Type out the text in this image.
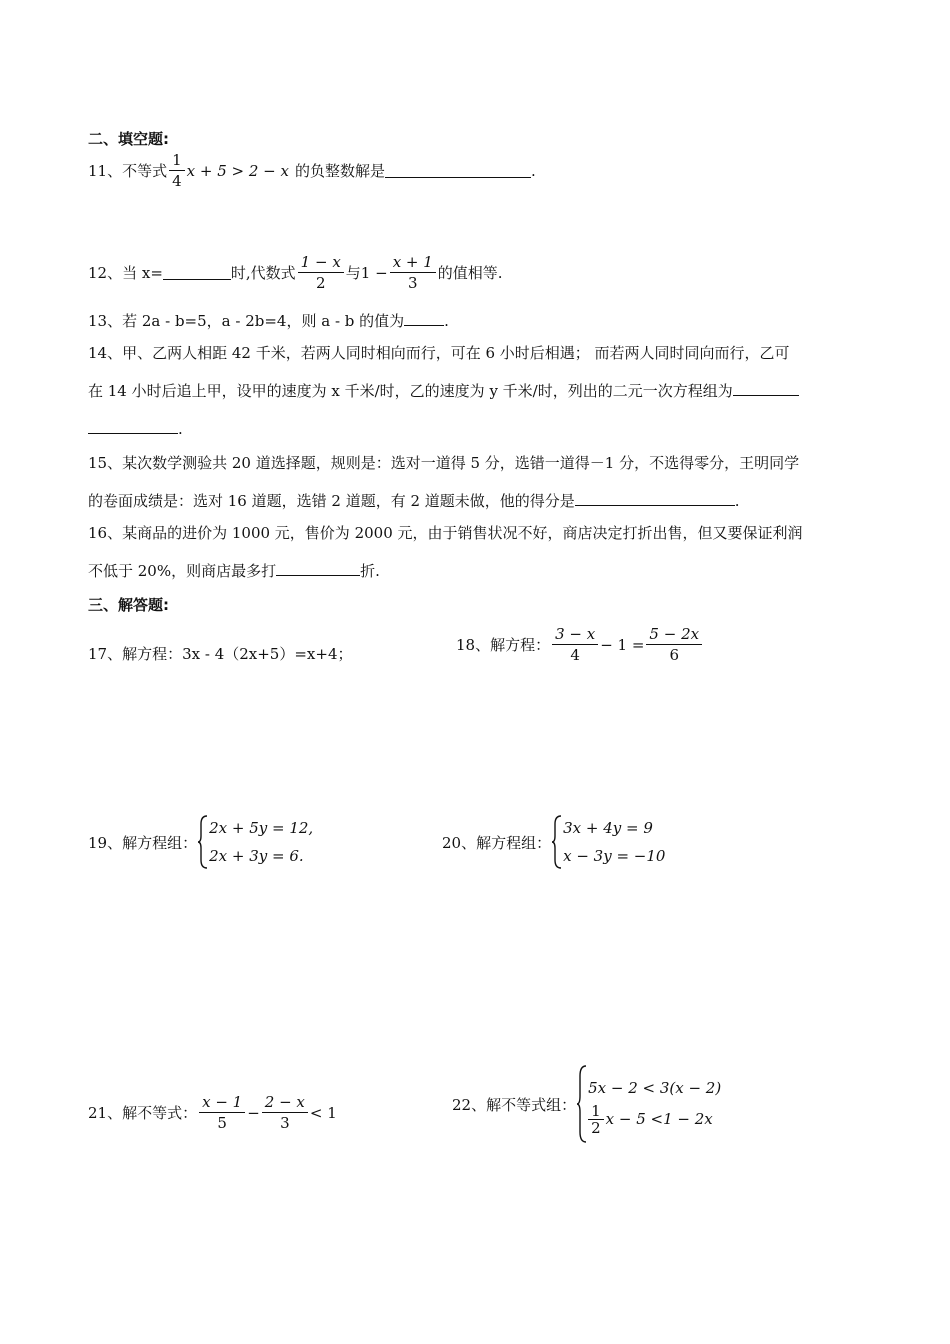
二、填空题:
11、不等式 $\frac{1}{4}$ x + 5 > 2 − x 的负整数解是	.
12、当 x=	时,代数式 $\frac{1 - x}{2}$ 与 $1 - \frac{x + 1}{3}$ 的值相等.
13、若 2a - b=5，a - 2b=4，则 a - b 的值为	.
14、甲、乙两人相距 42 千米，若两人同时相向而行，可在 6 小时后相遇； 而若两人同时同向而行，乙可
在 14 小时后追上甲，设甲的速度为 x 千米/时，乙的速度为 y 千米/时，列出的二元一次方程组为
.
15、某次数学测验共 20 道选择题，规则是：选对一道得 5 分，选错一道得－1 分，不选得零分，王明同学
的卷面成绩是：选对 16 道题，选错 2 道题，有 2 道题未做，他的得分是	.
16、某商品的进价为 1000 元，售价为 2000 元，由于销售状况不好，商店决定打折出售，但又要保证利润
不低于 20%，则商店最多打	折.
三、解答题:
17、解方程：3x - 4（2x+5）=x+4；	18、解方程： $\frac{3 - x}{4} - 1 = \frac{5 - 2x}{6}$
19、解方程组：
2x + 5y = 12,
2x + 3y = 6.
20、解方程组：
3x + 4y = 9
x − 3y = −10
21、解不等式： $\frac{x - 1}{5} - \frac{2 - x}{3} < 1$	22、解不等式组：
5x − 2 < 3(x − 2)
$\frac{1}{2}$ x − 5 <1 − 2x
